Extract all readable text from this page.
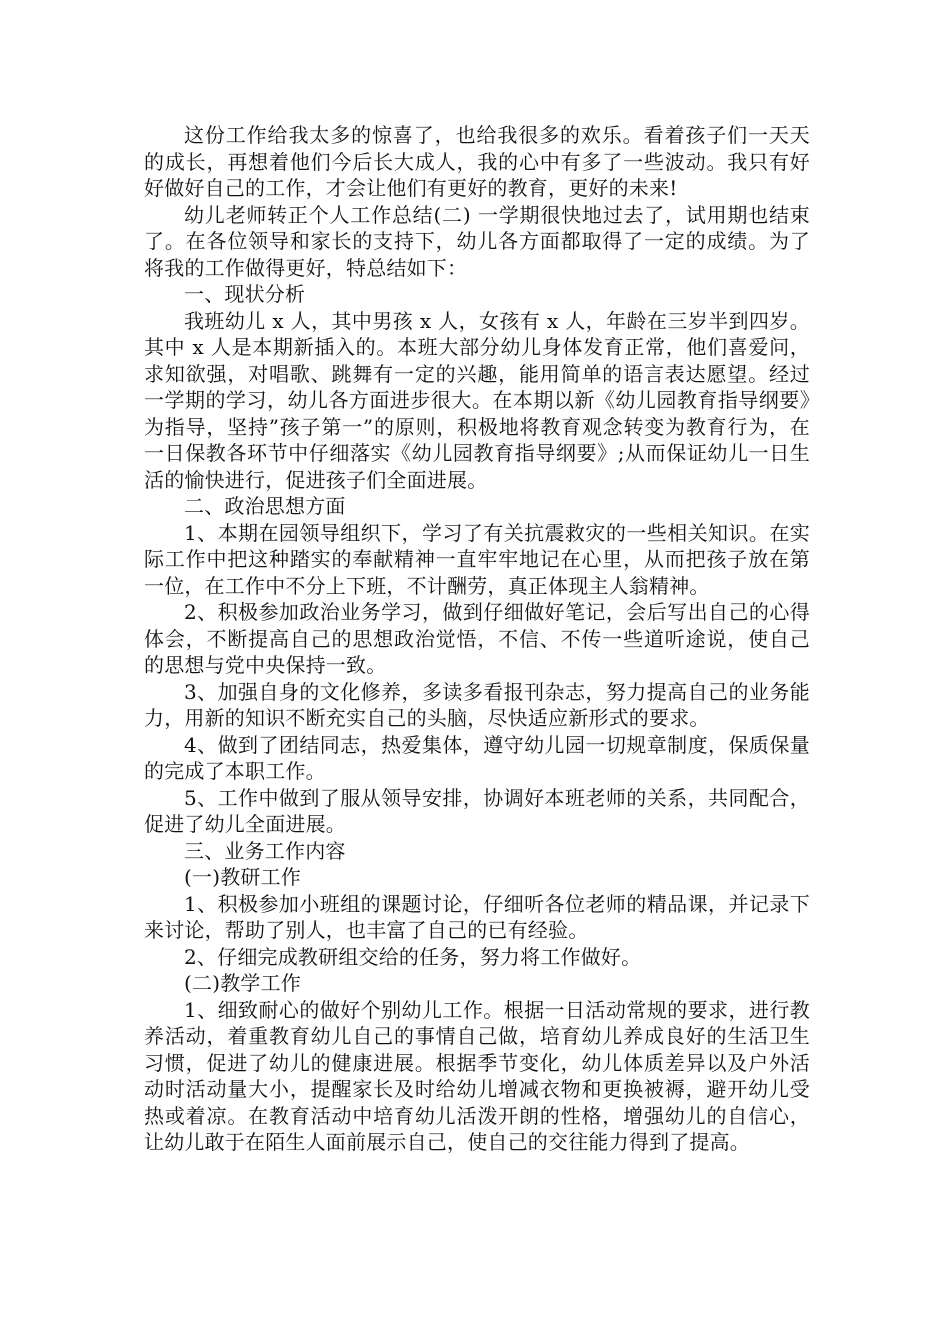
这份工作给我太多的惊喜了，也给我很多的欢乐。看着孩子们一天天的成长，再想着他们今后长大成人，我的心中有多了一些波动。我只有好好做好自己的工作，才会让他们有更好的教育，更好的未来!

幼儿老师转正个人工作总结(二) 一学期很快地过去了，试用期也结束了。在各位领导和家长的支持下，幼儿各方面都取得了一定的成绩。为了将我的工作做得更好，特总结如下：

一、现状分析

我班幼儿 x 人，其中男孩 x 人，女孩有 x 人，年龄在三岁半到四岁。其中 x 人是本期新插入的。本班大部分幼儿身体发育正常，他们喜爱问，求知欲强，对唱歌、跳舞有一定的兴趣，能用简单的语言表达愿望。经过一学期的学习，幼儿各方面进步很大。在本期以新《幼儿园教育指导纲要》为指导，坚持”孩子第一”的原则，积极地将教育观念转变为教育行为，在一日保教各环节中仔细落实《幼儿园教育指导纲要》;从而保证幼儿一日生活的愉快进行，促进孩子们全面进展。

二、政治思想方面

1、本期在园领导组织下，学习了有关抗震救灾的一些相关知识。在实际工作中把这种踏实的奉献精神一直牢牢地记在心里，从而把孩子放在第一位，在工作中不分上下班，不计酬劳，真正体现主人翁精神。

2、积极参加政治业务学习，做到仔细做好笔记，会后写出自己的心得体会，不断提高自己的思想政治觉悟，不信、不传一些道听途说，使自己的思想与党中央保持一致。

3、加强自身的文化修养，多读多看报刊杂志，努力提高自己的业务能力，用新的知识不断充实自己的头脑，尽快适应新形式的要求。

4、做到了团结同志，热爱集体，遵守幼儿园一切规章制度，保质保量的完成了本职工作。

5、工作中做到了服从领导安排，协调好本班老师的关系，共同配合，促进了幼儿全面进展。

三、业务工作内容

(一)教研工作

1、积极参加小班组的课题讨论，仔细听各位老师的精品课，并记录下来讨论，帮助了别人，也丰富了自己的已有经验。

2、仔细完成教研组交给的任务，努力将工作做好。

(二)教学工作

1、细致耐心的做好个别幼儿工作。根据一日活动常规的要求，进行教养活动，着重教育幼儿自己的事情自己做，培育幼儿养成良好的生活卫生习惯，促进了幼儿的健康进展。根据季节变化，幼儿体质差异以及户外活动时活动量大小，提醒家长及时给幼儿增减衣物和更换被褥，避开幼儿受热或着凉。在教育活动中培育幼儿活泼开朗的性格，增强幼儿的自信心，让幼儿敢于在陌生人面前展示自己，使自己的交往能力得到了提高。
